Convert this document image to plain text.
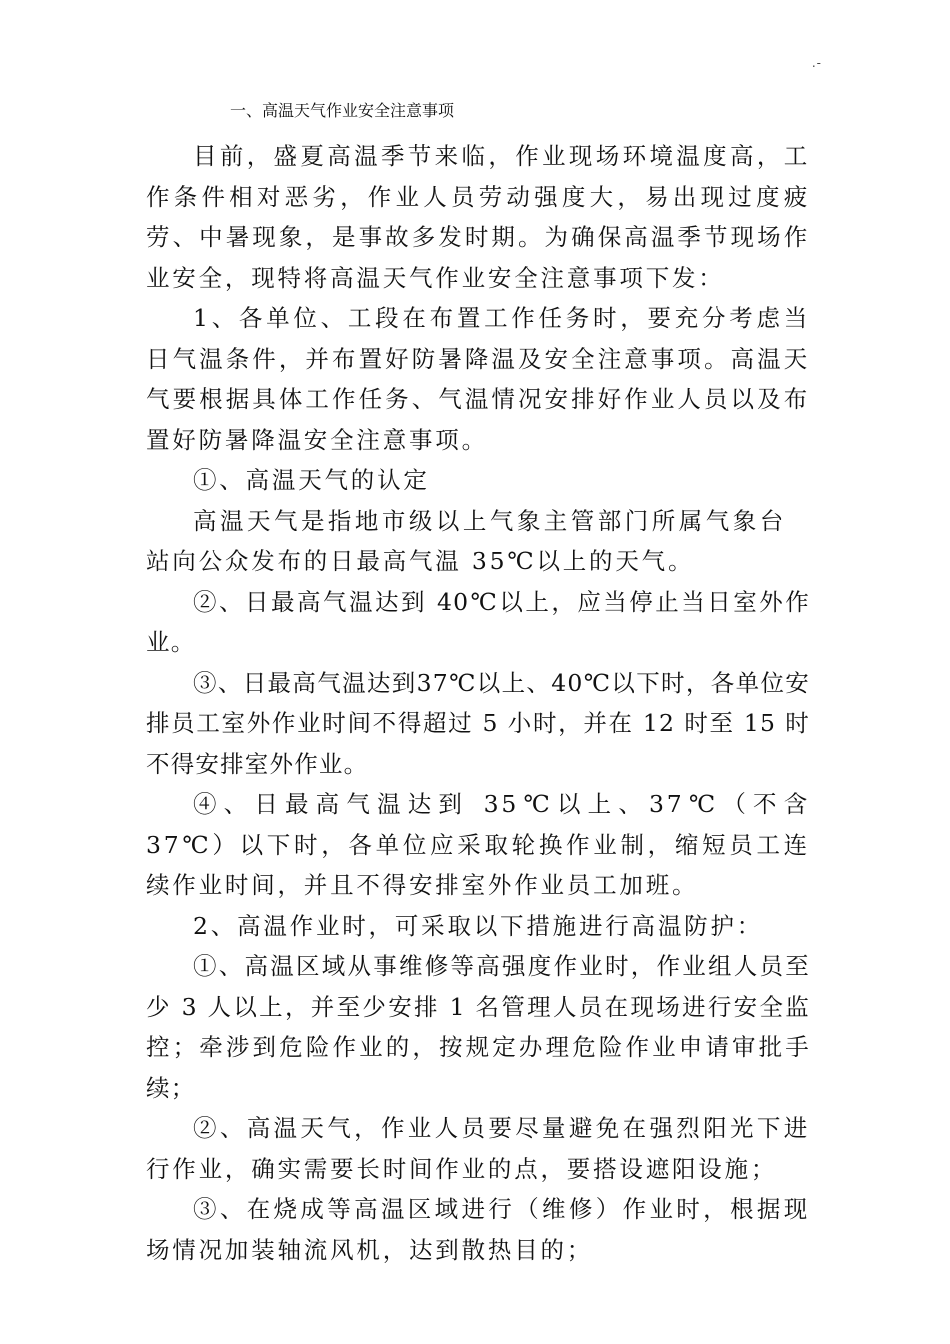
.-
一、高温天气作业安全注意事项

目前，盛夏高温季节来临，作业现场环境温度高，工作条件相对恶劣，作业人员劳动强度大，易出现过度疲劳、中暑现象，是事故多发时期。为确保高温季节现场作业安全，现特将高温天气作业安全注意事项下发：

1、各单位、工段在布置工作任务时，要充分考虑当日气温条件，并布置好防暑降温及安全注意事项。高温天气要根据具体工作任务、气温情况安排好作业人员以及布置好防暑降温安全注意事项。

①、高温天气的认定

高温天气是指地市级以上气象主管部门所属气象台站向公众发布的日最高气温 35℃以上的天气。

②、日最高气温达到 40℃以上，应当停止当日室外作业。

③、日最高气温达到37℃以上、40℃以下时，各单位安排员工室外作业时间不得超过 5 小时，并在 12 时至 15 时不得安排室外作业。

④、日最高气温达到 35℃以上、37℃（不含 37℃）以下时，各单位应采取轮换作业制，缩短员工连续作业时间，并且不得安排室外作业员工加班。

2、高温作业时，可采取以下措施进行高温防护：

①、高温区域从事维修等高强度作业时，作业组人员至少 3 人以上，并至少安排 1 名管理人员在现场进行安全监控；牵涉到危险作业的，按规定办理危险作业申请审批手续；

②、高温天气，作业人员要尽量避免在强烈阳光下进行作业，确实需要长时间作业的点，要搭设遮阳设施；

③、在烧成等高温区域进行（维修）作业时，根据现场情况加装轴流风机，达到散热目的；
